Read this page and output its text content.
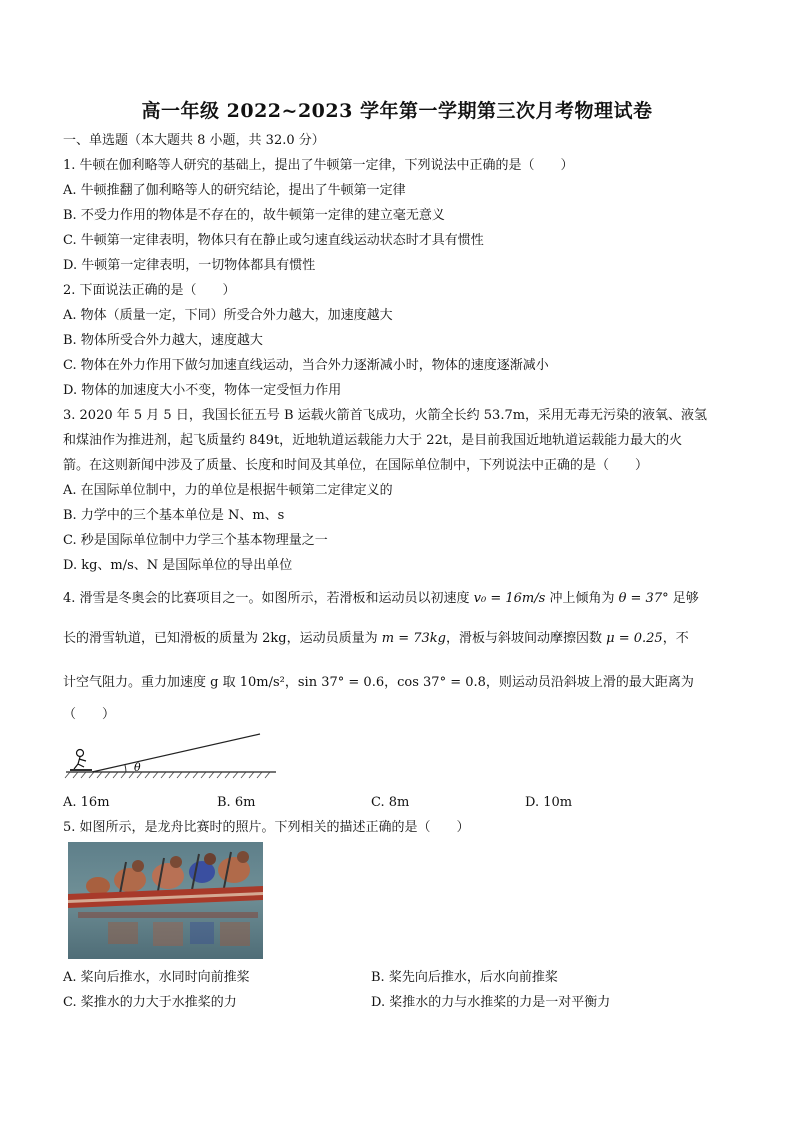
高一年级 2022~2023 学年第一学期第三次月考物理试卷
一、单选题（本大题共 8 小题，共 32.0 分）
1. 牛顿在伽利略等人研究的基础上，提出了牛顿第一定律，下列说法中正确的是（　　）
A. 牛顿推翻了伽利略等人的研究结论，提出了牛顿第一定律
B. 不受力作用的物体是不存在的，故牛顿第一定律的建立毫无意义
C. 牛顿第一定律表明，物体只有在静止或匀速直线运动状态时才具有惯性
D. 牛顿第一定律表明，一切物体都具有惯性
2. 下面说法正确的是（　　）
A. 物体（质量一定，下同）所受合外力越大，加速度越大
B. 物体所受合外力越大，速度越大
C. 物体在外力作用下做匀加速直线运动，当合外力逐渐减小时，物体的速度逐渐减小
D. 物体的加速度大小不变，物体一定受恒力作用
3. 2020 年 5 月 5 日，我国长征五号 B 运载火箭首飞成功，火箭全长约 53.7m，采用无毒无污染的液氧、液氢
和煤油作为推进剂，起飞质量约 849t，近地轨道运载能力大于 22t，是目前我国近地轨道运载能力最大的火
箭。在这则新闻中涉及了质量、长度和时间及其单位，在国际单位制中，下列说法中正确的是（　　）
A. 在国际单位制中，力的单位是根据牛顿第二定律定义的
B. 力学中的三个基本单位是 N、m、s
C. 秒是国际单位制中力学三个基本物理量之一
D. kg、m/s、N 是国际单位的导出单位
4. 滑雪是冬奥会的比赛项目之一。如图所示，若滑板和运动员以初速度 v₀ = 16m/s 冲上倾角为 θ = 37° 足够
长的滑雪轨道，已知滑板的质量为 2kg，运动员质量为 m = 73kg，滑板与斜坡间动摩擦因数 μ = 0.25，不
计空气阻力。重力加速度 g 取 10m/s²，sin 37° = 0.6，cos 37° = 0.8，则运动员沿斜坡上滑的最大距离为
（　　）
θ
A. 16m	B. 6m	C. 8m	D. 10m
5. 如图所示，是龙舟比赛时的照片。下列相关的描述正确的是（　　）
A. 桨向后推水，水同时向前推桨	B. 桨先向后推水，后水向前推桨
C. 桨推水的力大于水推桨的力	D. 桨推水的力与水推桨的力是一对平衡力
